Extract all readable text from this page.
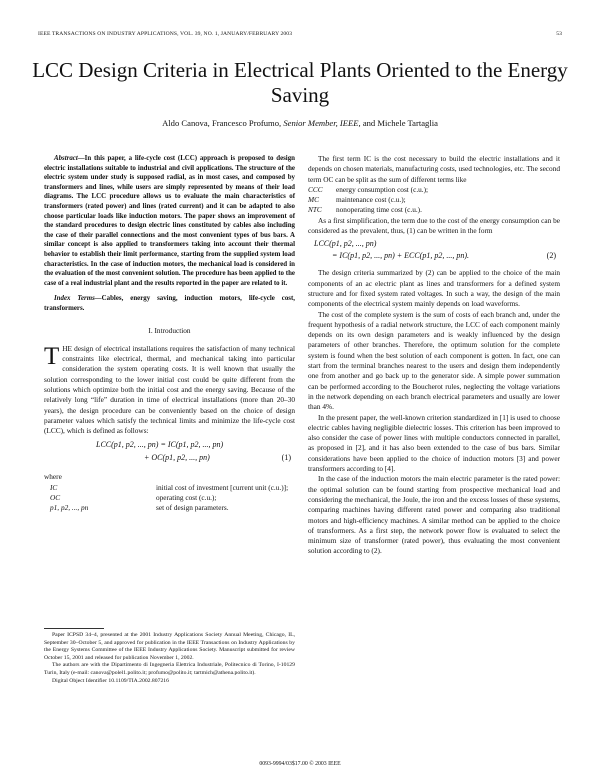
IEEE TRANSACTIONS ON INDUSTRY APPLICATIONS, VOL. 39, NO. 1, JANUARY/FEBRUARY 2003	53
LCC Design Criteria in Electrical Plants Oriented to the Energy Saving
Aldo Canova, Francesco Profumo, Senior Member, IEEE, and Michele Tartaglia

Abstract—In this paper, a life-cycle cost (LCC) approach is proposed to design electric installations suitable to industrial and civil applications. The structure of the electric system under study is supposed radial, as in most cases, and composed by transformers and lines, while users are simply represented by means of their load diagrams. The LCC procedure allows us to evaluate the main characteristics of transformers (rated power) and lines (rated current) and it can be adapted to also choose particular loads like induction motors. The paper shows an improvement of the standard procedures to design electric lines constituted by cables also including the case of their parallel connections and the most convenient types of bus bars. A similar concept is also applied to transformers taking into account their thermal behavior to establish their limit performance, starting from the supplied system load characteristics. In the case of induction motors, the mechanical load is considered in the evaluation of the most convenient solution. The procedure has been applied to the case of a real industrial plant and the results reported in the paper are related to it.

Index Terms—Cables, energy saving, induction motors, life-cycle cost, transformers.

I. Introduction

THE design of electrical installations requires the satisfaction of many technical constraints like electrical, thermal, and mechanical taking into particular consideration the system operating costs. It is well known that usually the solution corresponding to the lower initial cost could be quite different from the solutions which optimize both the initial cost and the energy saving. Because of the relatively long “life” duration in time of electrical installations (more than 20–30 years), the design procedure can be conveniently based on the choice of design parameter values which satisfy the technical limits and minimize the life-cycle cost (LCC), which is defined as follows:

LCC(p1, p2, ..., pn) = IC(p1, p2, ..., pn)
+ OC(p1, p2, ..., pn)	(1)
where
IC	initial cost of investment [current unit (c.u.)];
OC	operating cost (c.u.);
p1, p2, ..., pn	set of design parameters.

Paper ICPSD 34–4, presented at the 2001 Industry Applications Society Annual Meeting, Chicago, IL, September 30–October 5, and approved for publication in the IEEE Transactions on Industry Applications by the Energy Systems Committee of the IEEE Industry Applications Society. Manuscript submitted for review October 15, 2001 and released for publication November 1, 2002.

The authors are with the Dipartimento di Ingegneria Elettrica Industriale, Politecnico di Torino, I-10129 Turin, Italy (e-mail: canova@polel1.polito.it; profumo@polito.it; tartmich@athena.polito.it).

Digital Object Identifier 10.1109/TIA.2002.807216

The first term IC is the cost necessary to build the electric installations and it depends on chosen materials, manufacturing costs, used technologies, etc. The second term OC can be split as the sum of different terms like

CCC	energy consumption cost (c.u.);
MC	maintenance cost (c.u.);
NTC	nonoperating time cost (c.u.).

As a first simplification, the term due to the cost of the energy consumption can be considered as the prevalent, thus, (1) can be written in the form

LCC(p1, p2, ..., pn)
= IC(p1, p2, ..., pn) + ECC(p1, p2, ..., pn).	(2)

The design criteria summarized by (2) can be applied to the choice of the main components of an ac electric plant as lines and transformers for a defined system structure and for fixed system rated voltages. In such a way, the design of the main components of the electrical system mainly depends on load waveforms.

The cost of the complete system is the sum of costs of each branch and, under the frequent hypothesis of a radial network structure, the LCC of each component mainly depends on its own design parameters and is weakly influenced by the design parameters of other branches. Therefore, the optimum solution for the complete system is found when the best solution of each component is gotten. In fact, one can start from the terminal branches nearest to the users and design them independently one from another and go back up to the generator side. A simple power summation can be performed according to the Boucherot rules, neglecting the voltage variations in the network depending on each branch electrical parameters and usually are lower than 4%.

In the present paper, the well-known criterion standardized in [1] is used to choose electric cables having negligible dielectric losses. This criterion has been improved to also consider the case of power lines with multiple conductors connected in parallel, as proposed in [2], and it has also been extended to the case of bus bars. Similar considerations have been applied to the choice of induction motors [3] and power transformers according to [4].

In the case of the induction motors the main electric parameter is the rated power: the optimal solution can be found starting from prospective mechanical load and considering the mechanical, the Joule, the iron and the excess losses of these systems, comparing machines having different rated power and comparing also traditional motors and high-efficiency machines. A similar method can be applied to the choice of transformers. As a first step, the network power flow is evaluated to select the minimum size of transformer (rated power), thus evaluating the most convenient solution according to (2).

0093-9994/03$17.00 © 2003 IEEE
